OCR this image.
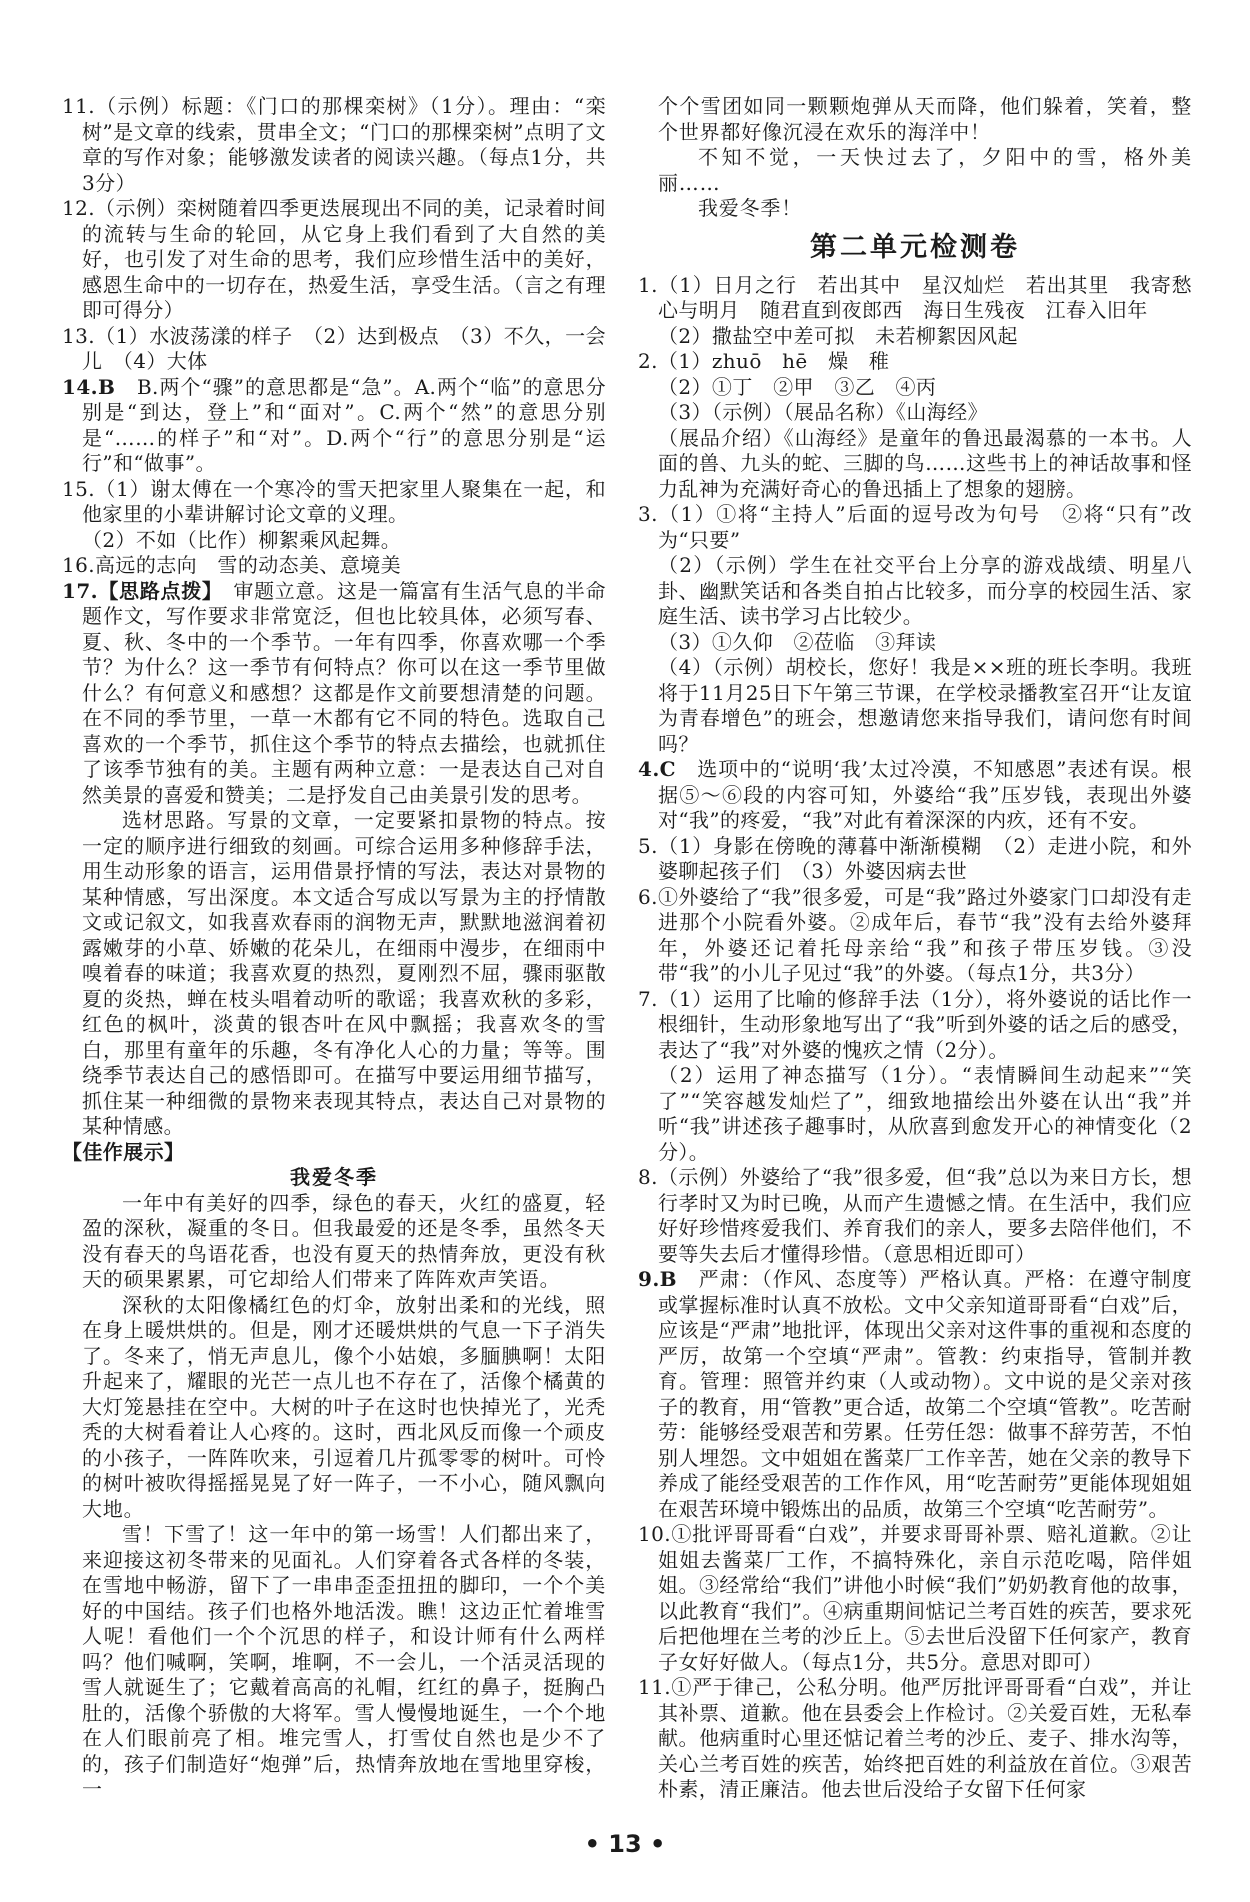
11.（示例）标题：《门口的那棵栾树》（1分）。理由：“栾树”是文章的线索，贯串全文；“门口的那棵栾树”点明了文章的写作对象；能够激发读者的阅读兴趣。（每点1分，共3分）
12.（示例）栾树随着四季更迭展现出不同的美，记录着时间的流转与生命的轮回，从它身上我们看到了大自然的美好，也引发了对生命的思考，我们应珍惜生活中的美好，感恩生命中的一切存在，热爱生活，享受生活。（言之有理即可得分）
13.（1）水波荡漾的样子　（2）达到极点　（3）不久，一会儿　（4）大体
14.B　B.两个“骤”的意思都是“急”。A.两个“临”的意思分别是“到达，登上”和“面对”。C.两个“然”的意思分别是“……的样子”和“对”。D.两个“行”的意思分别是“运行”和“做事”。
15.（1）谢太傅在一个寒冷的雪天把家里人聚集在一起，和他家里的小辈讲解讨论文章的义理。
（2）不如（比作）柳絮乘风起舞。
16.高远的志向　雪的动态美、意境美
17.【思路点拨】　审题立意。这是一篇富有生活气息的半命题作文，写作要求非常宽泛，但也比较具体，必须写春、夏、秋、冬中的一个季节。一年有四季，你喜欢哪一个季节？为什么？这一季节有何特点？你可以在这一季节里做什么？有何意义和感想？这都是作文前要想清楚的问题。在不同的季节里，一草一木都有它不同的特色。选取自己喜欢的一个季节，抓住这个季节的特点去描绘，也就抓住了该季节独有的美。主题有两种立意：一是表达自己对自然美景的喜爱和赞美；二是抒发自己由美景引发的思考。
选材思路。写景的文章，一定要紧扣景物的特点。按一定的顺序进行细致的刻画。可综合运用多种修辞手法，用生动形象的语言，运用借景抒情的写法，表达对景物的某种情感，写出深度。本文适合写成以写景为主的抒情散文或记叙文，如我喜欢春雨的润物无声，默默地滋润着初露嫩芽的小草、娇嫩的花朵儿，在细雨中漫步，在细雨中嗅着春的味道；我喜欢夏的热烈，夏刚烈不屈，骤雨驱散夏的炎热，蝉在枝头唱着动听的歌谣；我喜欢秋的多彩，红色的枫叶，淡黄的银杏叶在风中飘摇；我喜欢冬的雪白，那里有童年的乐趣，冬有净化人心的力量；等等。围绕季节表达自己的感悟即可。在描写中要运用细节描写，抓住某一种细微的景物来表现其特点，表达自己对景物的某种情感。
【佳作展示】
我爱冬季
一年中有美好的四季，绿色的春天，火红的盛夏，轻盈的深秋，凝重的冬日。但我最爱的还是冬季，虽然冬天没有春天的鸟语花香，也没有夏天的热情奔放，更没有秋天的硕果累累，可它却给人们带来了阵阵欢声笑语。
深秋的太阳像橘红色的灯伞，放射出柔和的光线，照在身上暖烘烘的。但是，刚才还暖烘烘的气息一下子消失了。冬来了，悄无声息儿，像个小姑娘，多腼腆啊！太阳升起来了，耀眼的光芒一点儿也不存在了，活像个橘黄的大灯笼悬挂在空中。大树的叶子在这时也快掉光了，光秃秃的大树看着让人心疼的。这时，西北风反而像一个顽皮的小孩子，一阵阵吹来，引逗着几片孤零零的树叶。可怜的树叶被吹得摇摇晃晃了好一阵子，一不小心，随风飘向大地。
雪！下雪了！这一年中的第一场雪！人们都出来了，来迎接这初冬带来的见面礼。人们穿着各式各样的冬装，在雪地中畅游，留下了一串串歪歪扭扭的脚印，一个个美好的中国结。孩子们也格外地活泼。瞧！这边正忙着堆雪人呢！看他们一个个沉思的样子，和设计师有什么两样吗？他们喊啊，笑啊，堆啊，不一会儿，一个活灵活现的雪人就诞生了；它戴着高高的礼帽，红红的鼻子，挺胸凸肚的，活像个骄傲的大将军。雪人慢慢地诞生，一个个地在人们眼前亮了相。堆完雪人，打雪仗自然也是少不了的，孩子们制造好“炮弹”后，热情奔放地在雪地里穿梭，一
个个雪团如同一颗颗炮弹从天而降，他们躲着，笑着，整个世界都好像沉浸在欢乐的海洋中！
不知不觉，一天快过去了，夕阳中的雪，格外美丽……
我爱冬季！
第二单元检测卷
1.（1）日月之行　若出其中　星汉灿烂　若出其里　我寄愁心与明月　随君直到夜郎西　海日生残夜　江春入旧年
（2）撒盐空中差可拟　未若柳絮因风起
2.（1）zhuō　hē　燥　稚
（2）①丁　②甲　③乙　④丙
（3）（示例）（展品名称）《山海经》
（展品介绍）《山海经》是童年的鲁迅最渴慕的一本书。人面的兽、九头的蛇、三脚的鸟……这些书上的神话故事和怪力乱神为充满好奇心的鲁迅插上了想象的翅膀。
3.（1）①将“主持人”后面的逗号改为句号　②将“只有”改为“只要”
（2）（示例）学生在社交平台上分享的游戏战绩、明星八卦、幽默笑话和各类自拍占比较多，而分享的校园生活、家庭生活、读书学习占比较少。
（3）①久仰　②莅临　③拜读
（4）（示例）胡校长，您好！我是××班的班长李明。我班将于11月25日下午第三节课，在学校录播教室召开“让友谊为青春增色”的班会，想邀请您来指导我们，请问您有时间吗？
4.C　选项中的“说明‘我’太过冷漠，不知感恩”表述有误。根据⑤～⑥段的内容可知，外婆给“我”压岁钱，表现出外婆对“我”的疼爱，“我”对此有着深深的内疚，还有不安。
5.（1）身影在傍晚的薄暮中渐渐模糊　（2）走进小院，和外婆聊起孩子们　（3）外婆因病去世
6.①外婆给了“我”很多爱，可是“我”路过外婆家门口却没有走进那个小院看外婆。②成年后，春节“我”没有去给外婆拜年，外婆还记着托母亲给“我”和孩子带压岁钱。③没带“我”的小儿子见过“我”的外婆。（每点1分，共3分）
7.（1）运用了比喻的修辞手法（1分），将外婆说的话比作一根细针，生动形象地写出了“我”听到外婆的话之后的感受，表达了“我”对外婆的愧疚之情（2分）。
（2）运用了神态描写（1分）。“表情瞬间生动起来”“笑了”“笑容越发灿烂了”，细致地描绘出外婆在认出“我”并听“我”讲述孩子趣事时，从欣喜到愈发开心的神情变化（2分）。
8.（示例）外婆给了“我”很多爱，但“我”总以为来日方长，想行孝时又为时已晚，从而产生遗憾之情。在生活中，我们应好好珍惜疼爱我们、养育我们的亲人，要多去陪伴他们，不要等失去后才懂得珍惜。（意思相近即可）
9.B　严肃：（作风、态度等）严格认真。严格：在遵守制度或掌握标准时认真不放松。文中父亲知道哥哥看“白戏”后，应该是“严肃”地批评，体现出父亲对这件事的重视和态度的严厉，故第一个空填“严肃”。管教：约束指导，管制并教育。管理：照管并约束（人或动物）。文中说的是父亲对孩子的教育，用“管教”更合适，故第二个空填“管教”。吃苦耐劳：能够经受艰苦和劳累。任劳任怨：做事不辞劳苦，不怕别人埋怨。文中姐姐在酱菜厂工作辛苦，她在父亲的教导下养成了能经受艰苦的工作作风，用“吃苦耐劳”更能体现姐姐在艰苦环境中锻炼出的品质，故第三个空填“吃苦耐劳”。
10.①批评哥哥看“白戏”，并要求哥哥补票、赔礼道歉。②让姐姐去酱菜厂工作，不搞特殊化，亲自示范吃喝，陪伴姐姐。③经常给“我们”讲他小时候“我们”奶奶教育他的故事，以此教育“我们”。④病重期间惦记兰考百姓的疾苦，要求死后把他埋在兰考的沙丘上。⑤去世后没留下任何家产，教育子女好好做人。（每点1分，共5分。意思对即可）
11.①严于律己，公私分明。他严厉批评哥哥看“白戏”，并让其补票、道歉。他在县委会上作检讨。②关爱百姓，无私奉献。他病重时心里还惦记着兰考的沙丘、麦子、排水沟等，关心兰考百姓的疾苦，始终把百姓的利益放在首位。③艰苦朴素，清正廉洁。他去世后没给子女留下任何家
• 13 •
